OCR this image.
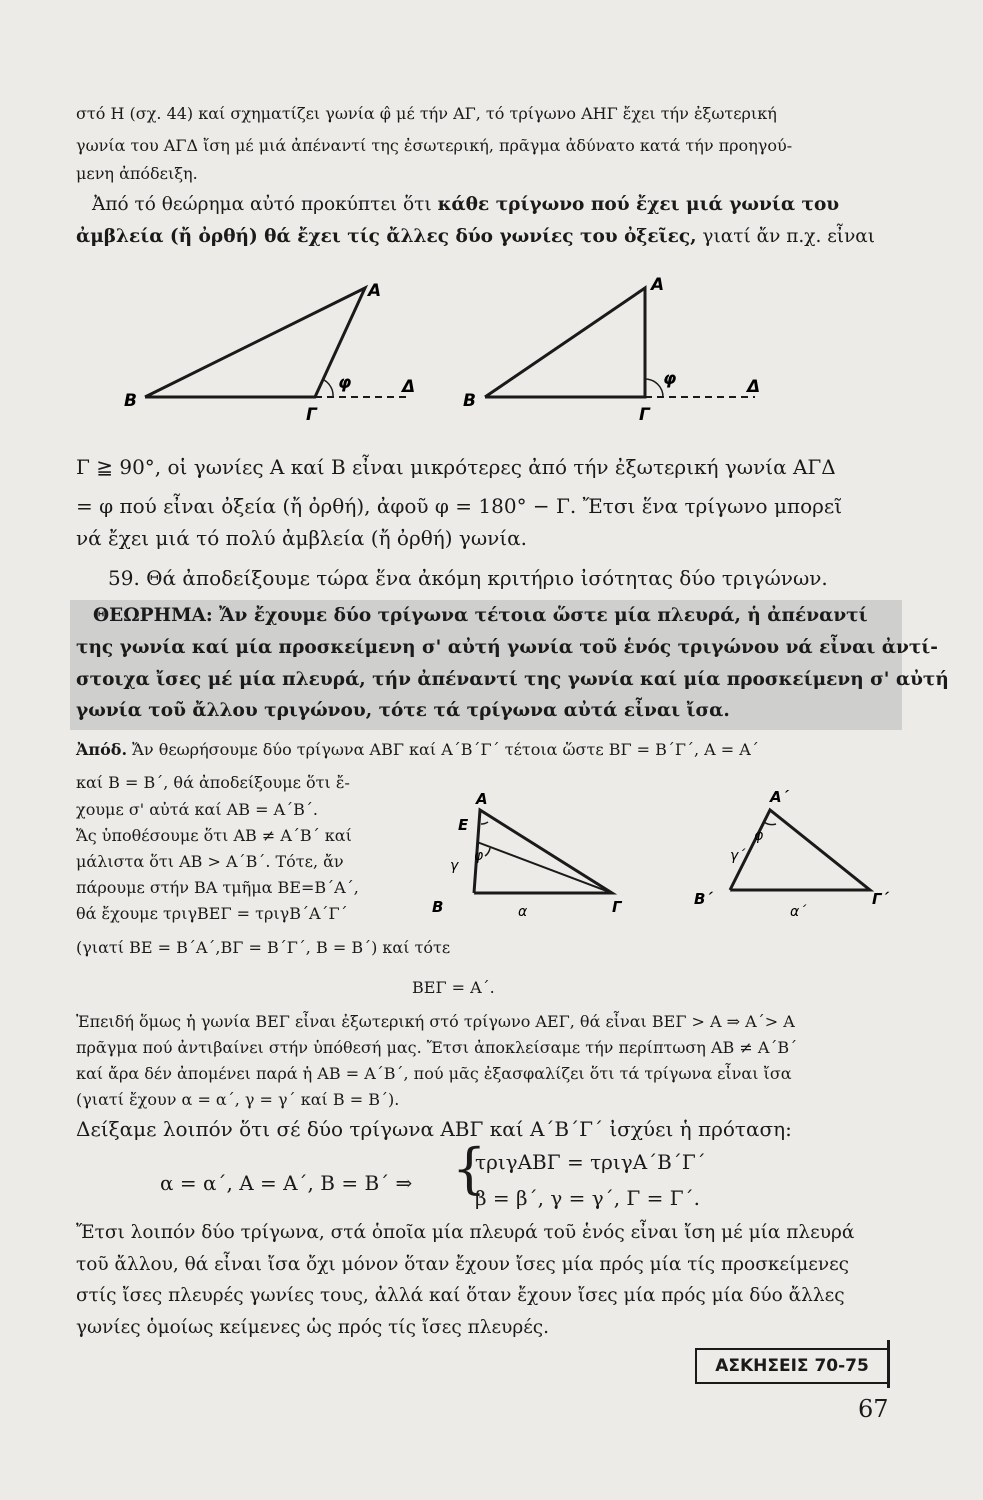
στό Η (σχ. 44) καί σχηματίζει γωνία φ̂ μέ τήν ΑΓ, τό τρίγωνο ΑΗΓ ἔχει τήν ἐξωτερική
γωνία του ΑΓΔ ἴση μέ μιά ἀπέναντί της ἐσωτερική, πρᾶγμα ἀδύνατο κατά τήν προηγού-
μενη ἀπόδειξη.
Ἀπό τό θεώρημα αὐτό προκύπτει ὅτι κάθε τρίγωνο πού ἔχει μιά γωνία του
ἀμβλεία (ἤ ὀρθή) θά ἔχει τίς ἄλλες δύο γωνίες του ὀξεῖες, γιατί ἄν π.χ. εἶναι
A
B
Γ
Δ
φ
A
B
Γ
Δ
φ
Γ ≧ 90°, οἱ γωνίες Α καί Β εἶναι μικρότερες ἀπό τήν ἐξωτερική γωνία ΑΓΔ
= φ πού εἶναι ὀξεία (ἤ ὀρθή), ἀφοῦ φ = 180° − Γ. Ἔτσι ἕνα τρίγωνο μπορεῖ
νά ἔχει μιά τό πολύ ἀμβλεία (ἤ ὀρθή) γωνία.
59. Θά ἀποδείξουμε τώρα ἕνα ἀκόμη κριτήριο ἰσότητας δύο τριγώνων.
ΘΕΩΡΗΜΑ: Ἄν ἔχουμε δύο τρίγωνα τέτοια ὥστε μία πλευρά, ἡ ἀπέναντί
της γωνία καί μία προσκείμενη σ' αὐτή γωνία τοῦ ἑνός τριγώνου νά εἶναι ἀντί-
στοιχα ἴσες μέ μία πλευρά, τήν ἀπέναντί της γωνία καί μία προσκείμενη σ' αὐτή
γωνία τοῦ ἄλλου τριγώνου, τότε τά τρίγωνα αὐτά εἶναι ἴσα.
Ἀπόδ. Ἄν θεωρήσουμε δύο τρίγωνα ΑΒΓ καί Α΄Β΄Γ΄ τέτοια ὥστε ΒΓ = Β΄Γ΄, Α = Α΄
καί Β = Β΄, θά ἀποδείξουμε ὅτι ἔ-
χουμε σ' αὐτά καί ΑΒ = Α΄Β΄.
Ἄς ὑποθέσουμε ὅτι ΑΒ ≠ Α΄Β΄ καί
μάλιστα ὅτι ΑΒ > Α΄Β΄. Τότε, ἄν
πάρουμε στήν ΒΑ τμῆμα ΒΕ=Β΄Α΄,
θά ἔχουμε τριγΒΕΓ = τριγΒ΄Α΄Γ΄
(γιατί ΒΕ = Β΄Α΄,ΒΓ = Β΄Γ΄, Β = Β΄) καί τότε
ΒΕΓ = Α΄.
Ἐπειδή ὅμως ἡ γωνία ΒΕΓ εἶναι ἐξωτερική στό τρίγωνο ΑΕΓ, θά εἶναι ΒΕΓ > Α ⇒ Α΄> Α
πρᾶγμα πού ἀντιβαίνει στήν ὑπόθεσή μας. Ἔτσι ἀποκλείσαμε τήν περίπτωση ΑΒ ≠ Α΄Β΄
καί ἄρα δέν ἀπομένει παρά ἡ ΑΒ = Α΄Β΄, πού μᾶς ἐξασφαλίζει ὅτι τά τρίγωνα εἶναι ἴσα
(γιατί ἔχουν α = α΄, γ = γ΄ καί Β = Β΄).
A
E
B	Γ
φ
γ
α
A΄
B΄	Γ΄
φ
γ΄
α΄
Δείξαμε λοιπόν ὅτι σέ δύο τρίγωνα ΑΒΓ καί Α΄Β΄Γ΄ ἰσχύει ἡ πρόταση:
α = α΄, Α = Α΄, Β = Β΄ ⇒ {
τριγΑΒΓ = τριγΑ΄Β΄Γ΄
β = β΄, γ = γ΄, Γ = Γ΄.
Ἔτσι λοιπόν δύο τρίγωνα, στά ὁποῖα μία πλευρά τοῦ ἑνός εἶναι ἴση μέ μία πλευρά
τοῦ ἄλλου, θά εἶναι ἴσα ὄχι μόνον ὅταν ἔχουν ἴσες μία πρός μία τίς προσκείμενες
στίς ἴσες πλευρές γωνίες τους, ἀλλά καί ὅταν ἔχουν ἴσες μία πρός μία δύο ἄλλες
γωνίες ὁμοίως κείμενες ὡς πρός τίς ἴσες πλευρές.
ΑΣΚΗΣΕΙΣ 70-75
67
